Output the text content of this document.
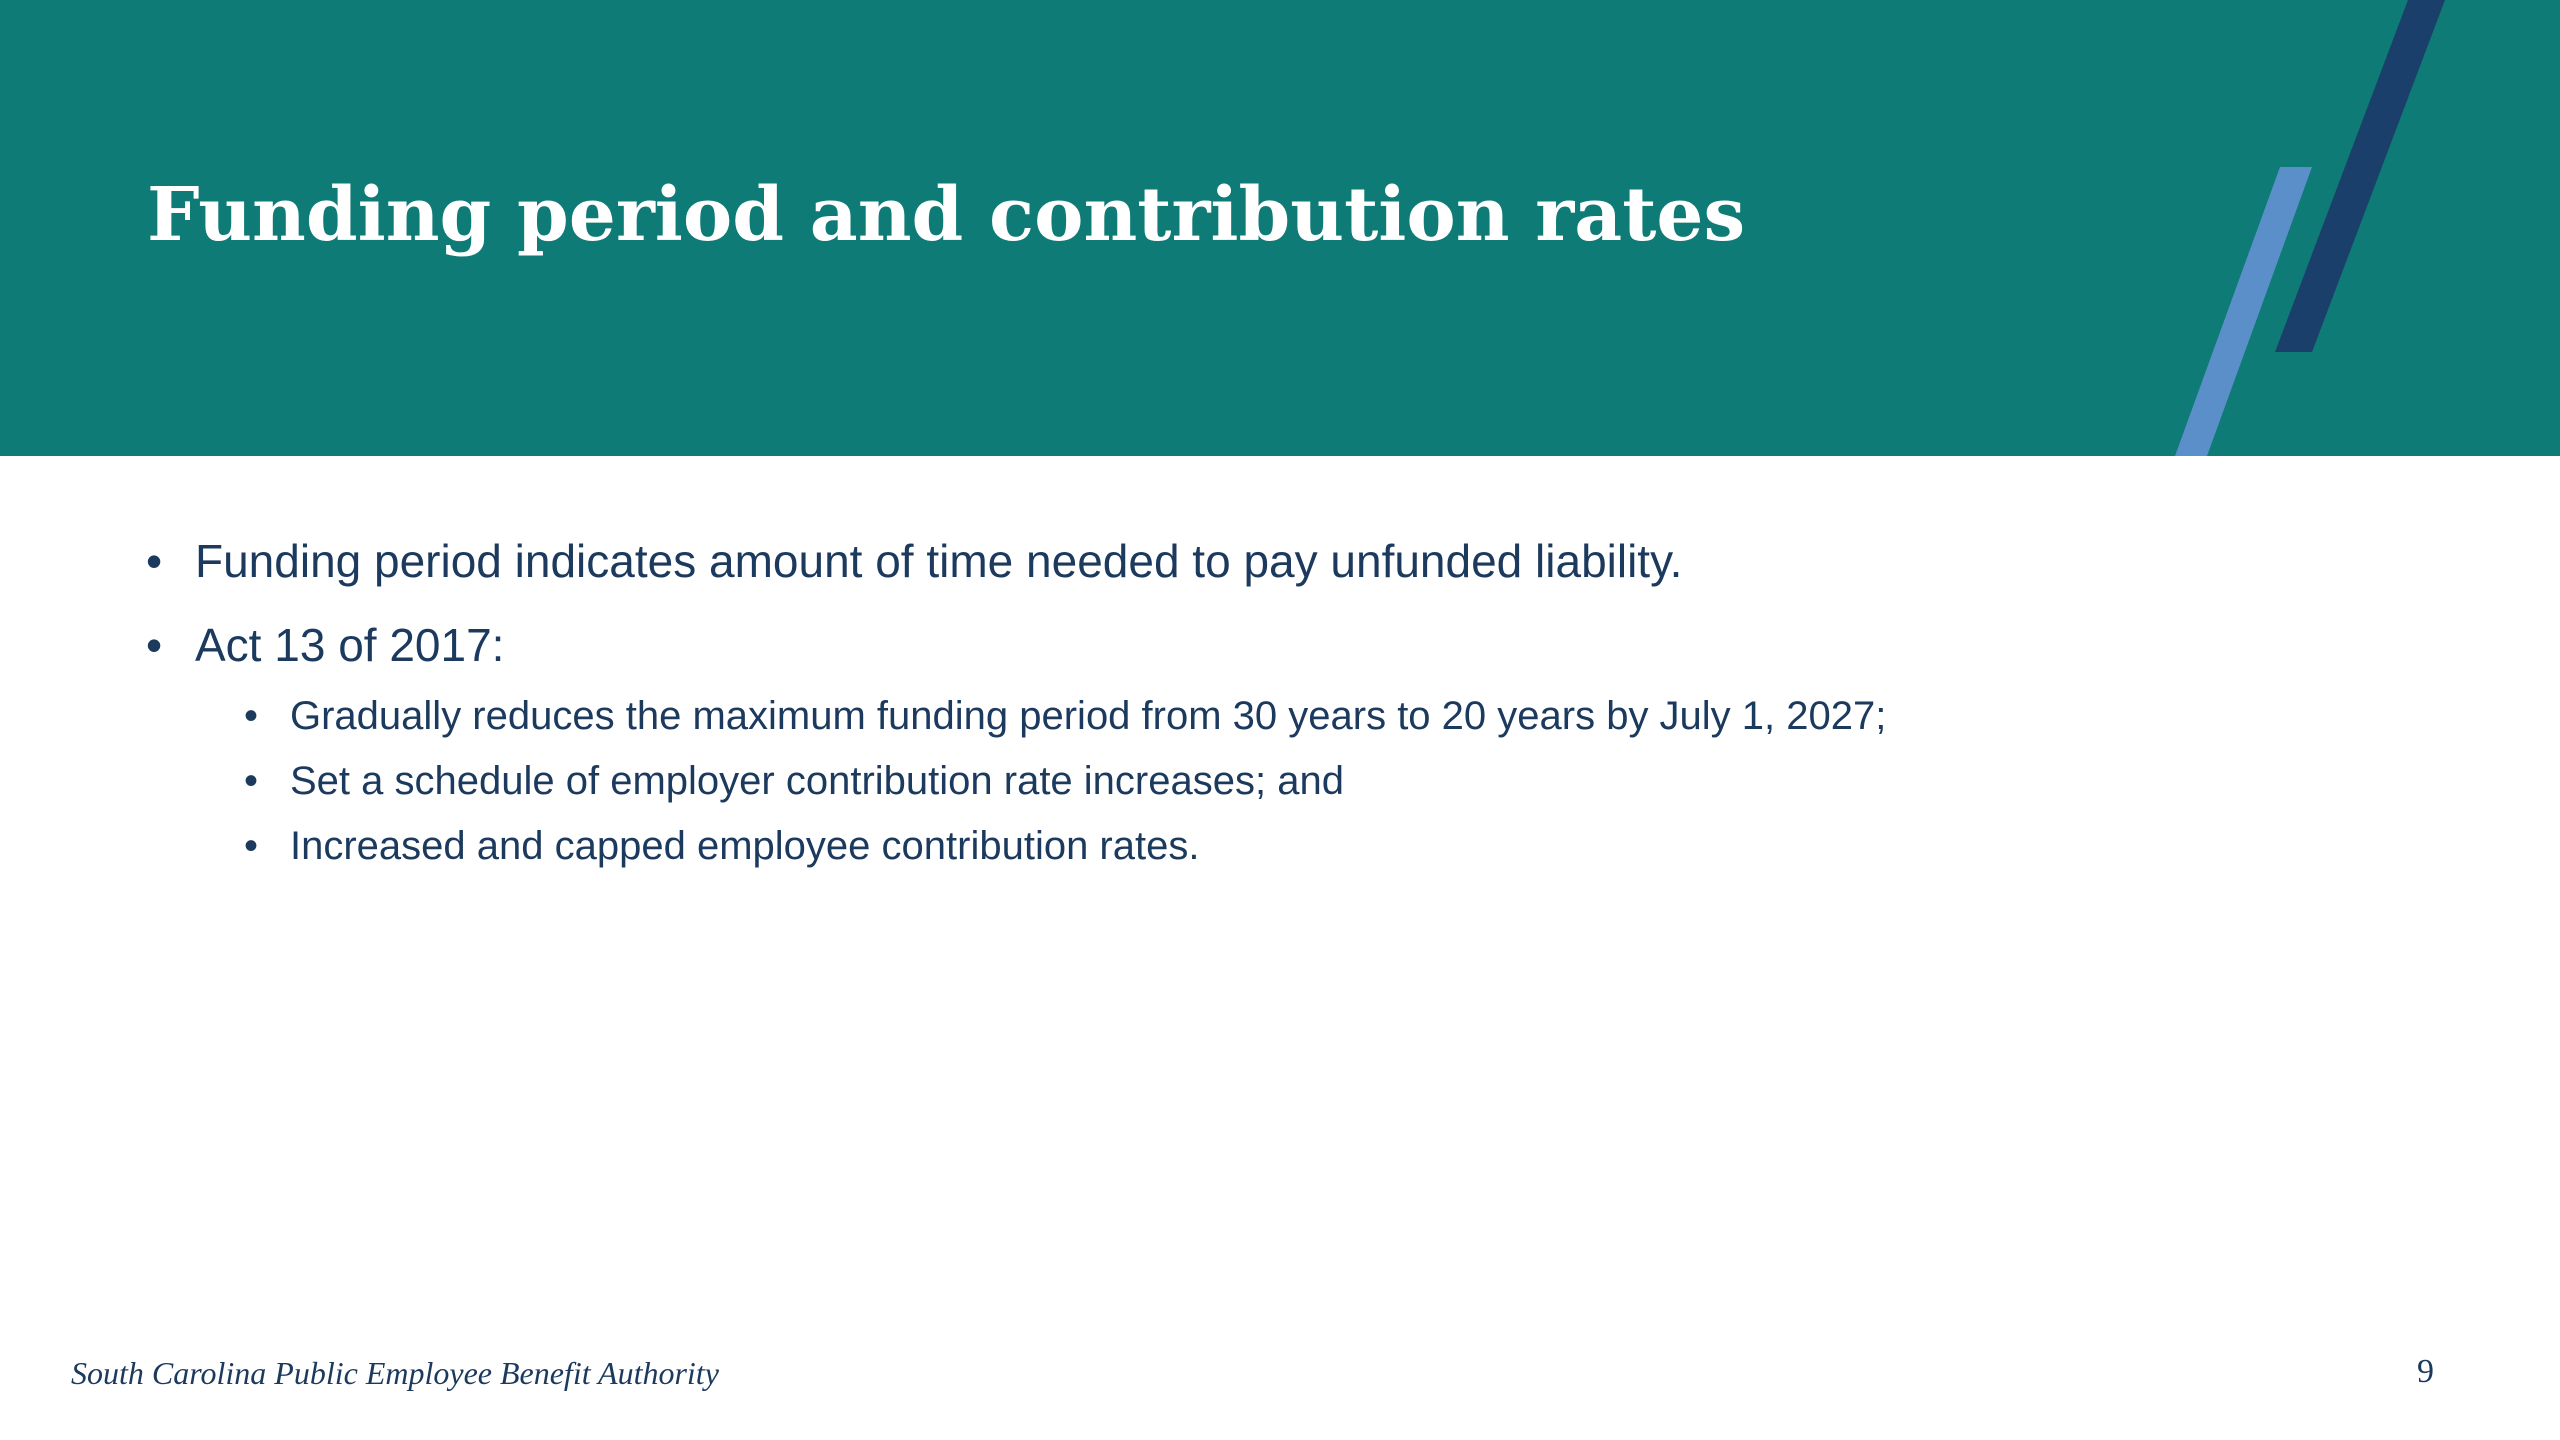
Funding period and contribution rates
• Funding period indicates amount of time needed to pay unfunded liability.
• Act 13 of 2017:
• Gradually reduces the maximum funding period from 30 years to 20 years by July 1, 2027;
• Set a schedule of employer contribution rate increases; and
• Increased and capped employee contribution rates.
South Carolina Public Employee Benefit Authority	9
